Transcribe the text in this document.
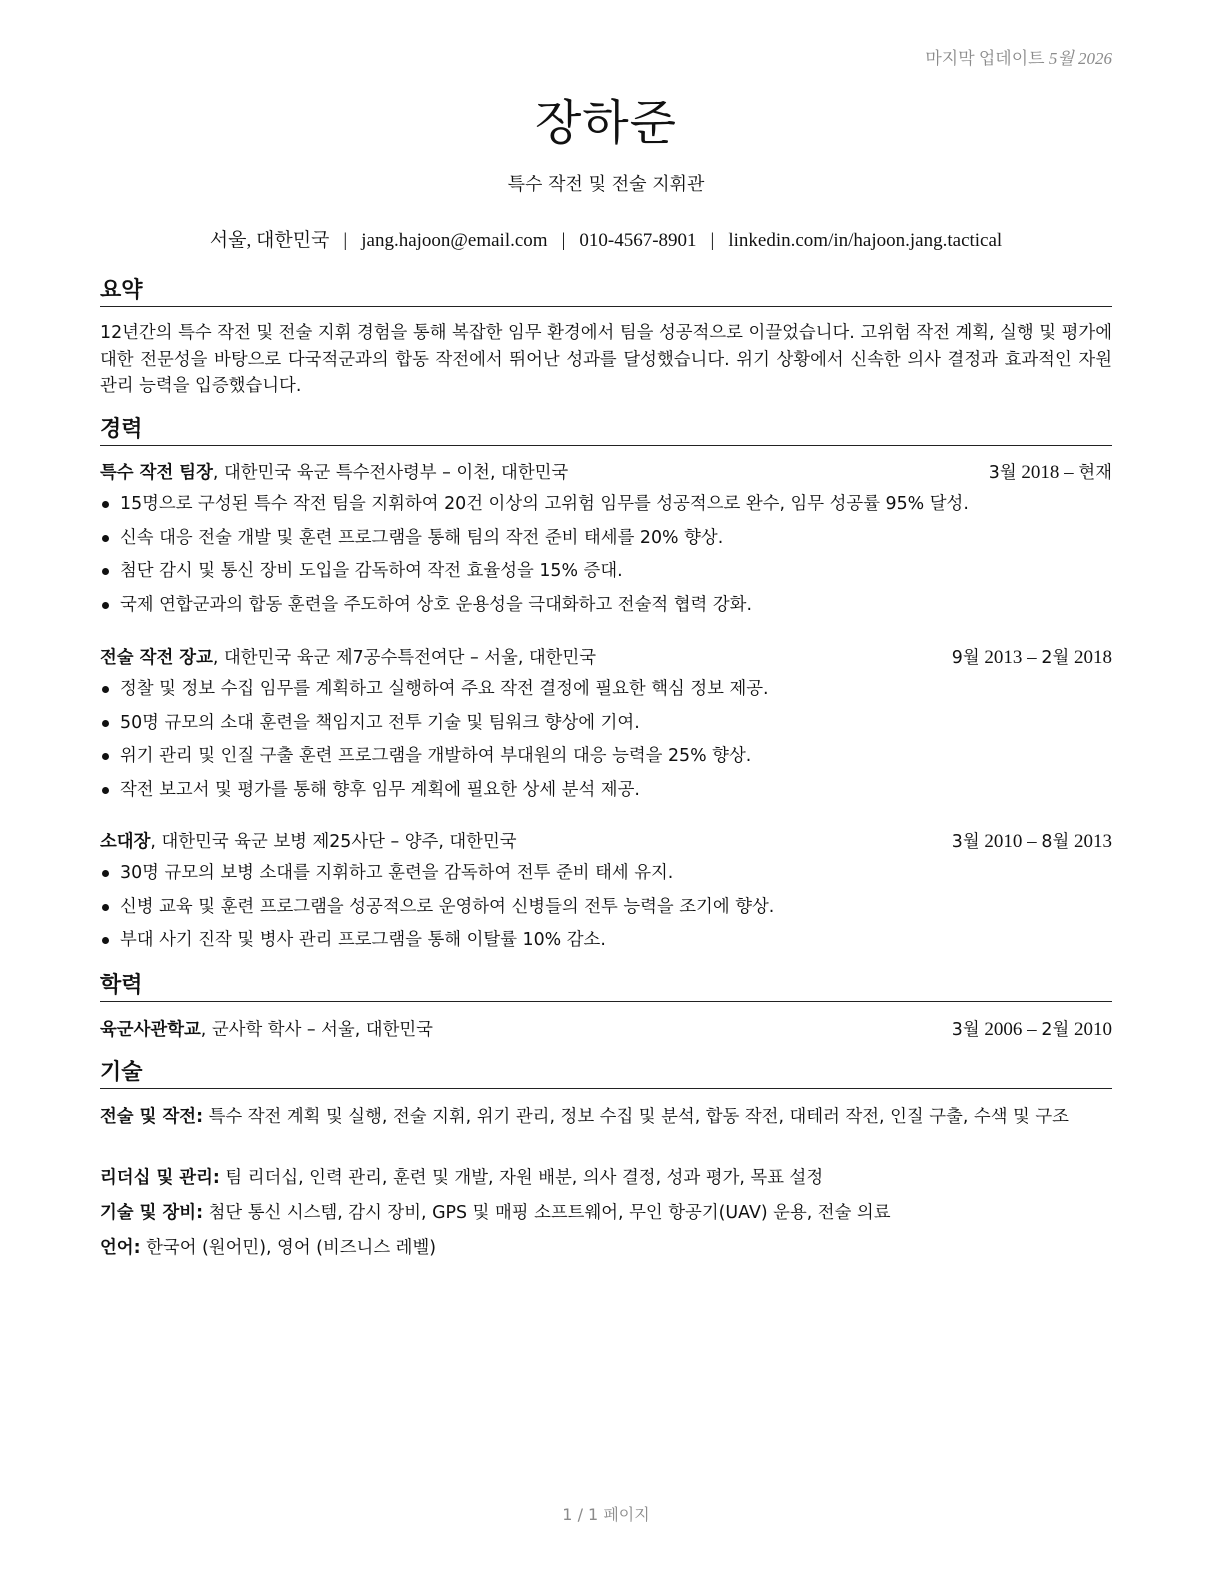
마지막 업데이트 5월 2026
장하준
특수 작전 및 전술 지휘관
서울, 대한민국 | jang.hajoon@email.com | 010-4567-8901 | linkedin.com/in/hajoon.jang.tactical
요약
12년간의 특수 작전 및 전술 지휘 경험을 통해 복잡한 임무 환경에서 팀을 성공적으로 이끌었습니다. 고위험 작전 계획, 실행 및 평가에 대한 전문성을 바탕으로 다국적군과의 합동 작전에서 뛰어난 성과를 달성했습니다. 위기 상황에서 신속한 의사 결정과 효과적인 자원 관리 능력을 입증했습니다.
경력
특수 작전 팀장, 대한민국 육군 특수전사령부 – 이천, 대한민국	3월 2018 – 현재
15명으로 구성된 특수 작전 팀을 지휘하여 20건 이상의 고위험 임무를 성공적으로 완수, 임무 성공률 95% 달성.
신속 대응 전술 개발 및 훈련 프로그램을 통해 팀의 작전 준비 태세를 20% 향상.
첨단 감시 및 통신 장비 도입을 감독하여 작전 효율성을 15% 증대.
국제 연합군과의 합동 훈련을 주도하여 상호 운용성을 극대화하고 전술적 협력 강화.
전술 작전 장교, 대한민국 육군 제7공수특전여단 – 서울, 대한민국	9월 2013 – 2월 2018
정찰 및 정보 수집 임무를 계획하고 실행하여 주요 작전 결정에 필요한 핵심 정보 제공.
50명 규모의 소대 훈련을 책임지고 전투 기술 및 팀워크 향상에 기여.
위기 관리 및 인질 구출 훈련 프로그램을 개발하여 부대원의 대응 능력을 25% 향상.
작전 보고서 및 평가를 통해 향후 임무 계획에 필요한 상세 분석 제공.
소대장, 대한민국 육군 보병 제25사단 – 양주, 대한민국	3월 2010 – 8월 2013
30명 규모의 보병 소대를 지휘하고 훈련을 감독하여 전투 준비 태세 유지.
신병 교육 및 훈련 프로그램을 성공적으로 운영하여 신병들의 전투 능력을 조기에 향상.
부대 사기 진작 및 병사 관리 프로그램을 통해 이탈률 10% 감소.
학력
육군사관학교, 군사학 학사 – 서울, 대한민국	3월 2006 – 2월 2010
기술
전술 및 작전: 특수 작전 계획 및 실행, 전술 지휘, 위기 관리, 정보 수집 및 분석, 합동 작전, 대테러 작전, 인질 구출, 수색 및 구조
리더십 및 관리: 팀 리더십, 인력 관리, 훈련 및 개발, 자원 배분, 의사 결정, 성과 평가, 목표 설정
기술 및 장비: 첨단 통신 시스템, 감시 장비, GPS 및 매핑 소프트웨어, 무인 항공기(UAV) 운용, 전술 의료
언어: 한국어 (원어민), 영어 (비즈니스 레벨)
1 / 1 페이지
